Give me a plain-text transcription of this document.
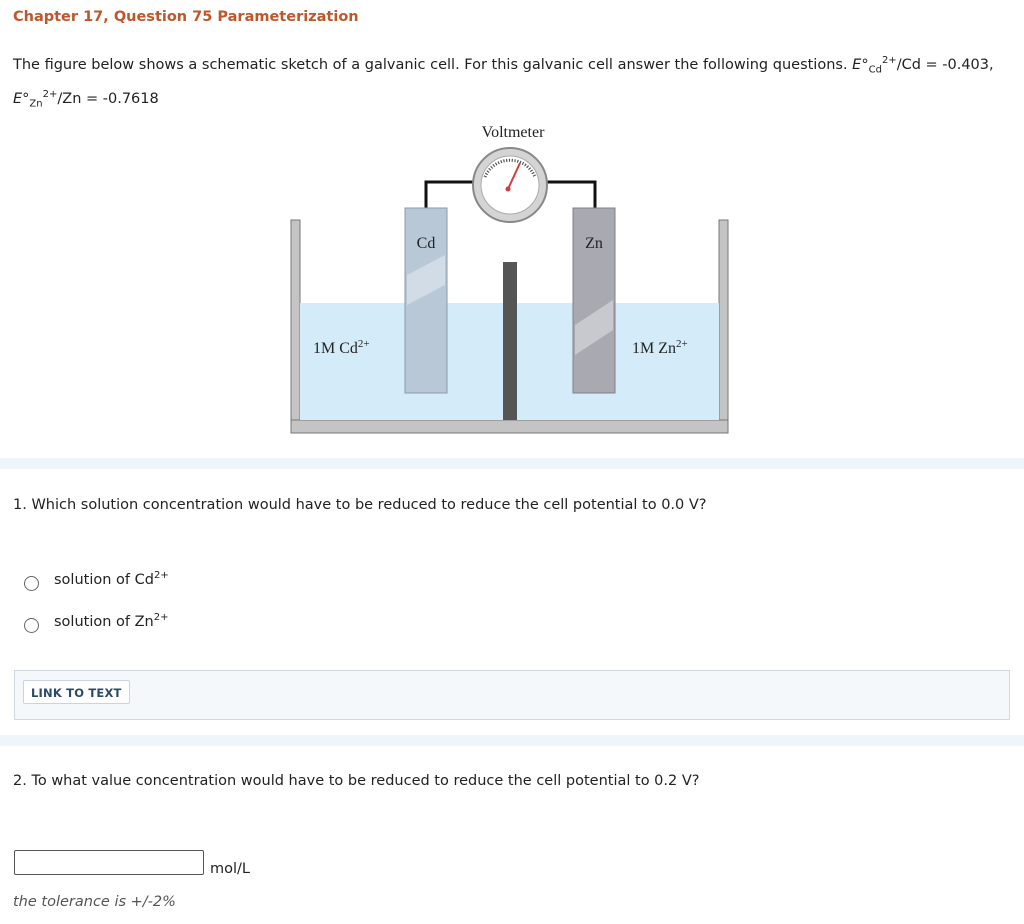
Chapter 17, Question 75 Parameterization
The figure below shows a schematic sketch of a galvanic cell. For this galvanic cell answer the following questions. $E^\circ_{Cd}^{2+}/Cd = -0.403$, $E^\circ_{Zn}^{2+}/Zn = -0.7618$
Voltmeter
Cd	Zn
1M $Cd^{2+}$	1M $Zn^{2+}$
1. Which solution concentration would have to be reduced to reduce the cell potential to 0.0 V?
solution of $Cd^{2+}$
solution of $Zn^{2+}$
LINK TO TEXT
2. To what value concentration would have to be reduced to reduce the cell potential to 0.2 V?
mol/L
the tolerance is +/-2%
